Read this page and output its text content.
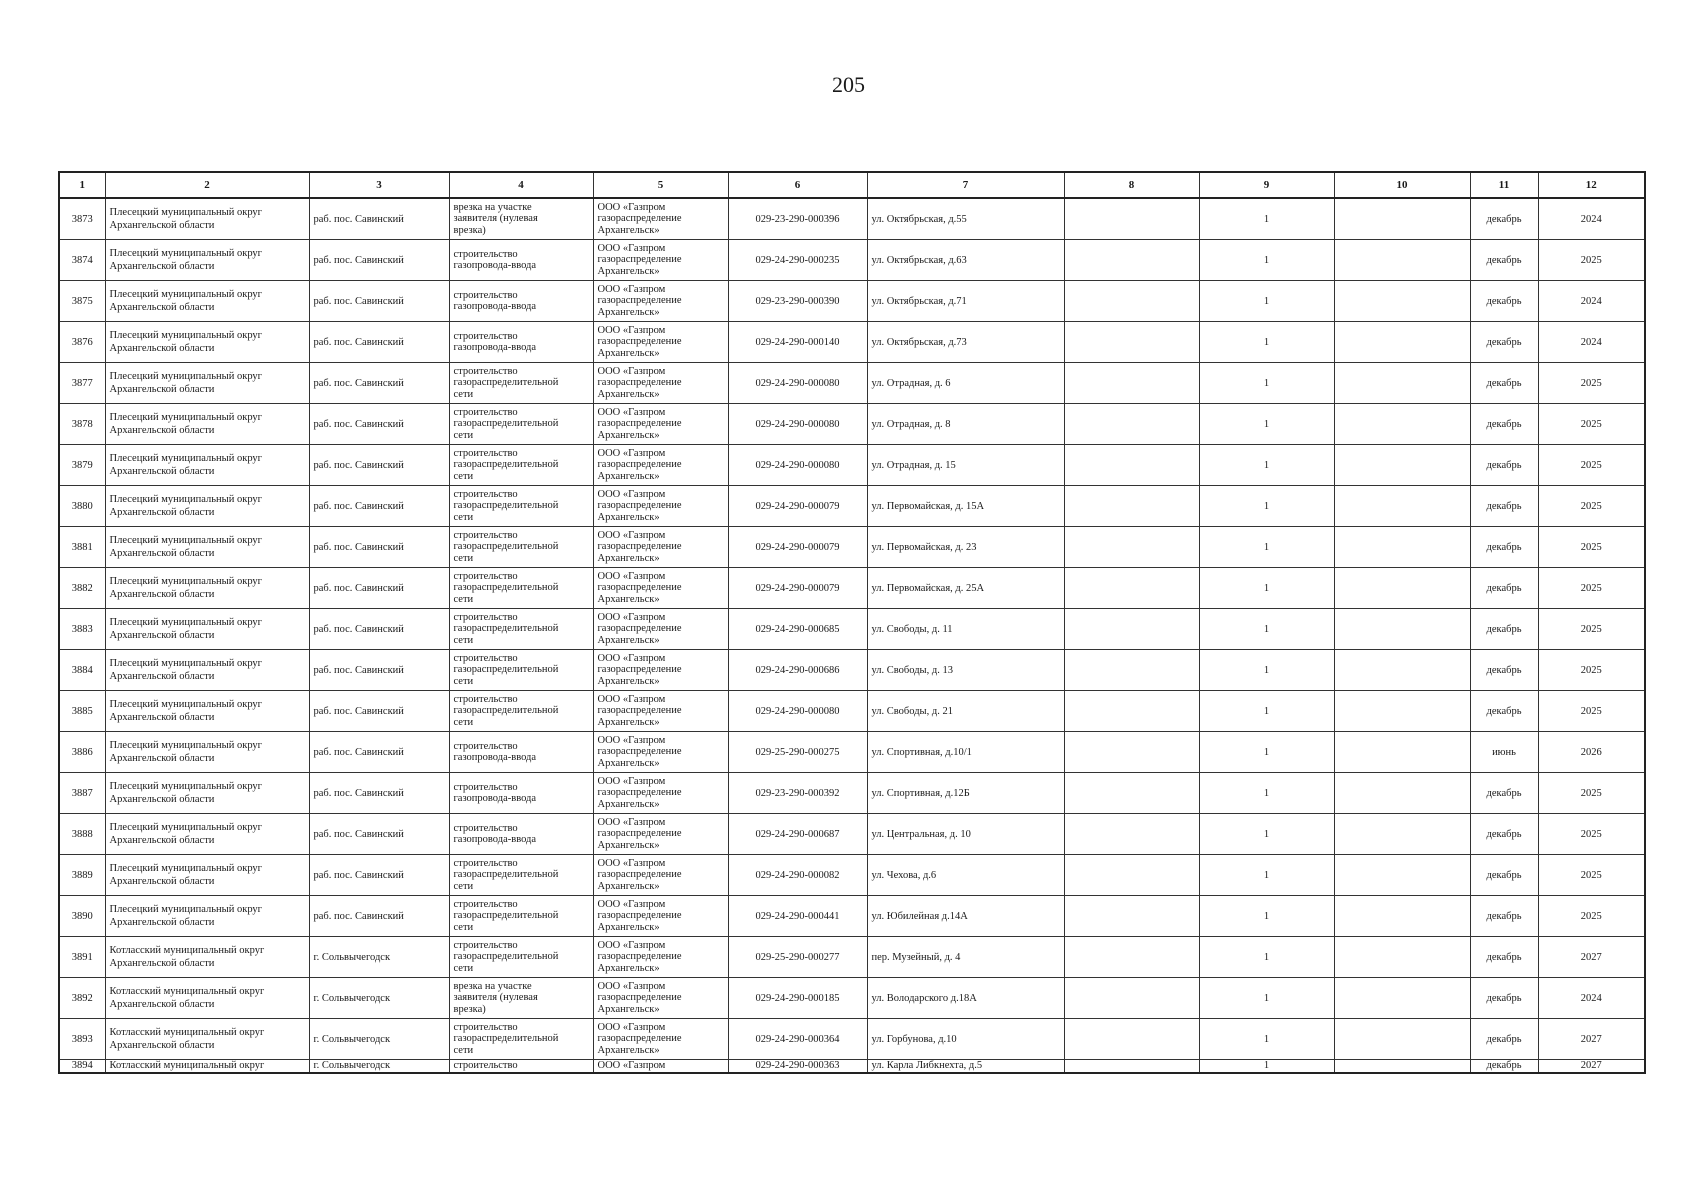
205
1	2	3	4	5	6	7	8	9	10	11	12
3873	Плесецкий муниципальный округ Архангельской области	раб. пос. Савинский	врезка на участке
заявителя (нулевая
врезка)	ООО «Газпром
газораспределение
Архангельск»	029-23-290-000396	ул. Октябрьская, д.55		1		декабрь	2024
3874	Плесецкий муниципальный округ Архангельской области	раб. пос. Савинский	строительство
газопровода-ввода	ООО «Газпром
газораспределение
Архангельск»	029-24-290-000235	ул. Октябрьская, д.63		1		декабрь	2025
3875	Плесецкий муниципальный округ Архангельской области	раб. пос. Савинский	строительство
газопровода-ввода	ООО «Газпром
газораспределение
Архангельск»	029-23-290-000390	ул. Октябрьская, д.71		1		декабрь	2024
3876	Плесецкий муниципальный округ Архангельской области	раб. пос. Савинский	строительство
газопровода-ввода	ООО «Газпром
газораспределение
Архангельск»	029-24-290-000140	ул. Октябрьская, д.73		1		декабрь	2024
3877	Плесецкий муниципальный округ Архангельской области	раб. пос. Савинский	строительство
газораспределительной
сети	ООО «Газпром
газораспределение
Архангельск»	029-24-290-000080	ул. Отрадная, д. 6		1		декабрь	2025
3878	Плесецкий муниципальный округ Архангельской области	раб. пос. Савинский	строительство
газораспределительной
сети	ООО «Газпром
газораспределение
Архангельск»	029-24-290-000080	ул. Отрадная, д. 8		1		декабрь	2025
3879	Плесецкий муниципальный округ Архангельской области	раб. пос. Савинский	строительство
газораспределительной
сети	ООО «Газпром
газораспределение
Архангельск»	029-24-290-000080	ул. Отрадная, д. 15		1		декабрь	2025
3880	Плесецкий муниципальный округ Архангельской области	раб. пос. Савинский	строительство
газораспределительной
сети	ООО «Газпром
газораспределение
Архангельск»	029-24-290-000079	ул. Первомайская, д. 15А		1		декабрь	2025
3881	Плесецкий муниципальный округ Архангельской области	раб. пос. Савинский	строительство
газораспределительной
сети	ООО «Газпром
газораспределение
Архангельск»	029-24-290-000079	ул. Первомайская, д. 23		1		декабрь	2025
3882	Плесецкий муниципальный округ Архангельской области	раб. пос. Савинский	строительство
газораспределительной
сети	ООО «Газпром
газораспределение
Архангельск»	029-24-290-000079	ул. Первомайская, д. 25А		1		декабрь	2025
3883	Плесецкий муниципальный округ Архангельской области	раб. пос. Савинский	строительство
газораспределительной
сети	ООО «Газпром
газораспределение
Архангельск»	029-24-290-000685	ул. Свободы, д. 11		1		декабрь	2025
3884	Плесецкий муниципальный округ Архангельской области	раб. пос. Савинский	строительство
газораспределительной
сети	ООО «Газпром
газораспределение
Архангельск»	029-24-290-000686	ул. Свободы, д. 13		1		декабрь	2025
3885	Плесецкий муниципальный округ Архангельской области	раб. пос. Савинский	строительство
газораспределительной
сети	ООО «Газпром
газораспределение
Архангельск»	029-24-290-000080	ул. Свободы, д. 21		1		декабрь	2025
3886	Плесецкий муниципальный округ Архангельской области	раб. пос. Савинский	строительство
газопровода-ввода	ООО «Газпром
газораспределение
Архангельск»	029-25-290-000275	ул. Спортивная, д.10/1		1		июнь	2026
3887	Плесецкий муниципальный округ Архангельской области	раб. пос. Савинский	строительство
газопровода-ввода	ООО «Газпром
газораспределение
Архангельск»	029-23-290-000392	ул. Спортивная, д.12Б		1		декабрь	2025
3888	Плесецкий муниципальный округ Архангельской области	раб. пос. Савинский	строительство
газопровода-ввода	ООО «Газпром
газораспределение
Архангельск»	029-24-290-000687	ул. Центральная, д. 10		1		декабрь	2025
3889	Плесецкий муниципальный округ Архангельской области	раб. пос. Савинский	строительство
газораспределительной
сети	ООО «Газпром
газораспределение
Архангельск»	029-24-290-000082	ул. Чехова, д.6		1		декабрь	2025
3890	Плесецкий муниципальный округ Архангельской области	раб. пос. Савинский	строительство
газораспределительной
сети	ООО «Газпром
газораспределение
Архангельск»	029-24-290-000441	ул. Юбилейная д.14А		1		декабрь	2025
3891	Котласский муниципальный округ Архангельской области	г. Сольвычегодск	строительство
газораспределительной
сети	ООО «Газпром
газораспределение
Архангельск»	029-25-290-000277	пер. Музейный, д. 4		1		декабрь	2027
3892	Котласский муниципальный округ Архангельской области	г. Сольвычегодск	врезка на участке
заявителя (нулевая
врезка)	ООО «Газпром
газораспределение
Архангельск»	029-24-290-000185	ул. Володарского д.18А		1		декабрь	2024
3893	Котласский муниципальный округ Архангельской области	г. Сольвычегодск	строительство
газораспределительной
сети	ООО «Газпром
газораспределение
Архангельск»	029-24-290-000364	ул. Горбунова, д.10		1		декабрь	2027
3894	Котласский муниципальный округ	г. Сольвычегодск	строительство	ООО «Газпром	029-24-290-000363	ул. Карла Либкнехта, д.5		1		декабрь	2027
